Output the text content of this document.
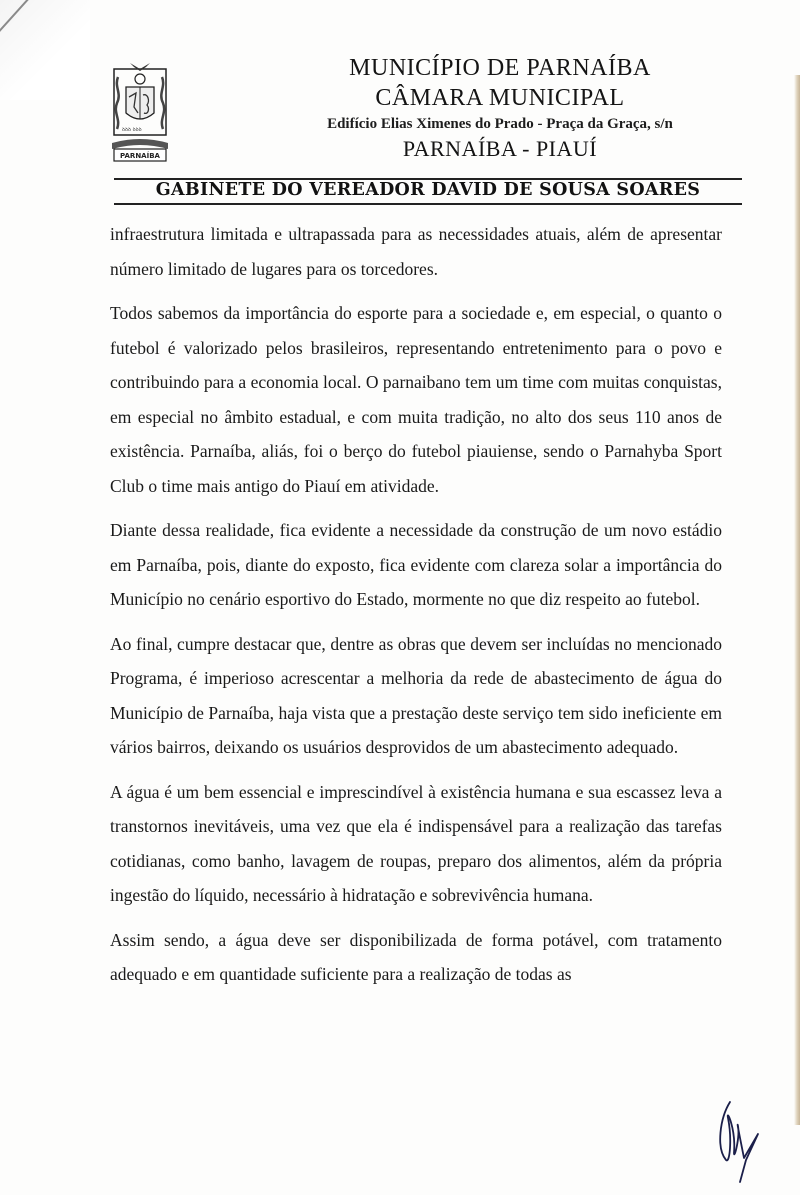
ꝺꝺꝺ ꝺꝺꝺ
PARNAÍBA
MUNICÍPIO DE PARNAÍBA
CÂMARA MUNICIPAL
Edifício Elias Ximenes do Prado - Praça da Graça, s/n
PARNAÍBA - PIAUÍ
GABINETE DO VEREADOR DAVID DE SOUSA SOARES

infraestrutura limitada e ultrapassada para as necessidades atuais, além de apresentar número limitado de lugares para os torcedores.

Todos sabemos da importância do esporte para a sociedade e, em especial, o quanto o futebol é valorizado pelos brasileiros, representando entretenimento para o povo e contribuindo para a economia local. O parnaibano tem um time com muitas conquistas, em especial no âmbito estadual, e com muita tradição, no alto dos seus 110 anos de existência. Parnaíba, aliás, foi o berço do futebol piauiense, sendo o Parnahyba Sport Club o time mais antigo do Piauí em atividade.

Diante dessa realidade, fica evidente a necessidade da construção de um novo estádio em Parnaíba, pois, diante do exposto, fica evidente com clareza solar a importância do Município no cenário esportivo do Estado, mormente no que diz respeito ao futebol.

Ao final, cumpre destacar que, dentre as obras que devem ser incluídas no mencionado Programa, é imperioso acrescentar a melhoria da rede de abastecimento de água do Município de Parnaíba, haja vista que a prestação deste serviço tem sido ineficiente em vários bairros, deixando os usuários desprovidos de um abastecimento adequado.

A água é um bem essencial e imprescindível à existência humana e sua escassez leva a transtornos inevitáveis, uma vez que ela é indispensável para a realização das tarefas cotidianas, como banho, lavagem de roupas, preparo dos alimentos, além da própria ingestão do líquido, necessário à hidratação e sobrevivência humana.

Assim sendo, a água deve ser disponibilizada de forma potável, com tratamento adequado e em quantidade suficiente para a realização de todas as
